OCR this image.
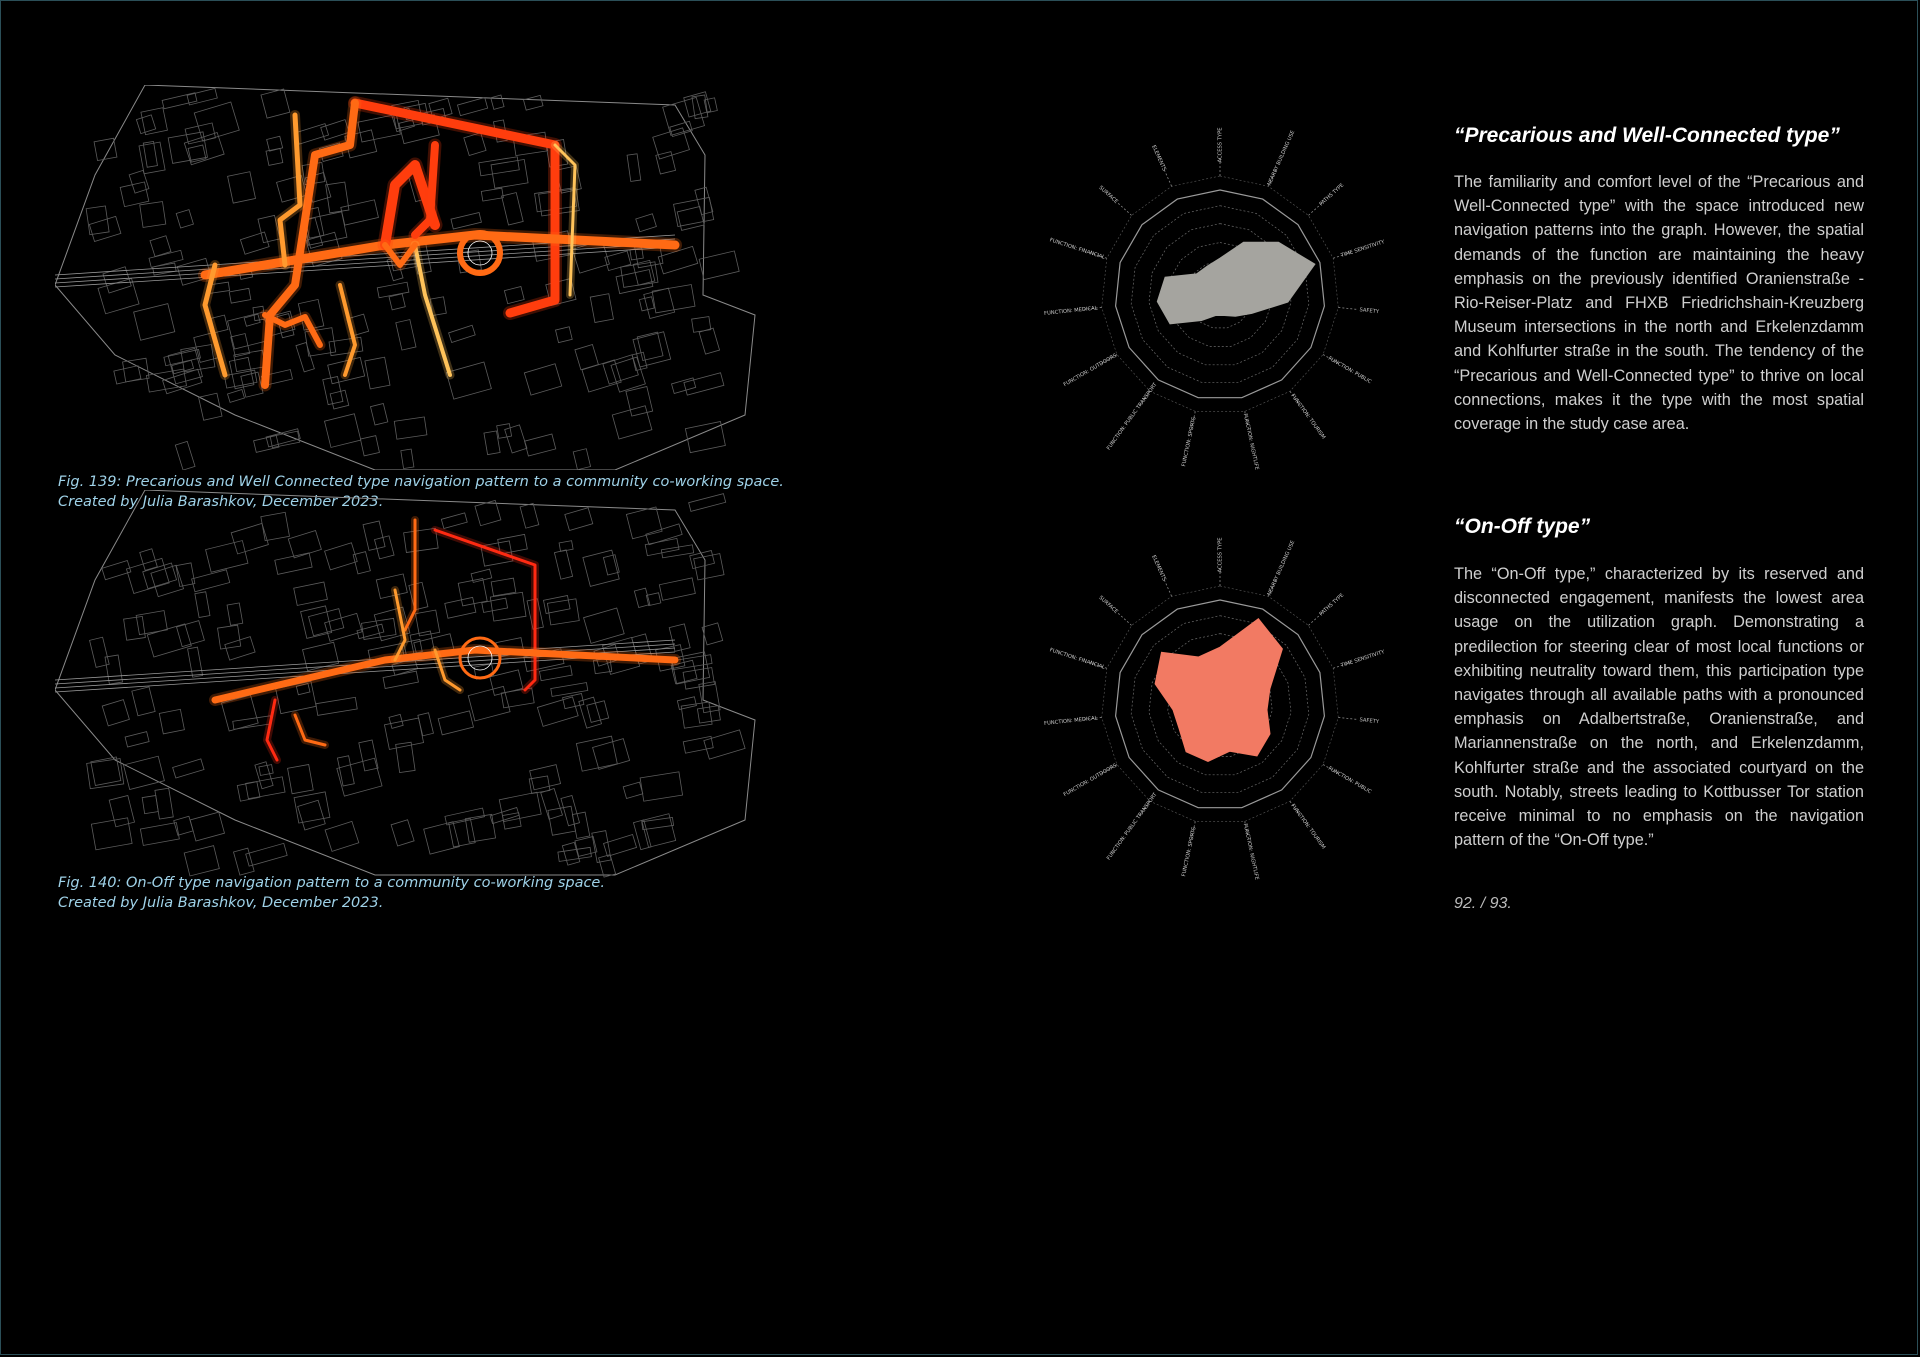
Fig. 139: Precarious and Well Connected type navigation pattern to a community co-working space.
Created by Julia Barashkov, December 2023.
Fig. 140: On-Off type navigation pattern to a community co-working space.
Created by Julia Barashkov, December 2023.
ACCESS TYPE	NEARBY BUILDING USE
PATHS TYPE
TIME SENSITIVITY
SAFETY
FUNCTION: PUBLIC
FUNCTION: TOURISM
FUNCTION: NIGHTLIFE
FUNCTION: SPORTS
FUNCTION: PUBLIC TRANSPORT
FUNCTION: OUTDOORS
FUNCTION: MEDICAL
FUNCTION: FINANCIAL
SURFACE
ELEMENTS
ACCESS TYPE	NEARBY BUILDING USE
PATHS TYPE
TIME SENSITIVITY
SAFETY
FUNCTION: PUBLIC
FUNCTION: TOURISM
FUNCTION: NIGHTLIFE
FUNCTION: SPORTS
FUNCTION: PUBLIC TRANSPORT
FUNCTION: OUTDOORS
FUNCTION: MEDICAL
FUNCTION: FINANCIAL
SURFACE
ELEMENTS
“Precarious and Well-Connected type”

The familiarity and comfort level of the “Precarious and Well-Connected type” with the space introduced new navigation patterns into the graph. However, the spatial demands of the function are maintaining the heavy emphasis on the previously identified Oranienstraße - Rio-Reiser-Platz and FHXB Friedrichshain-Kreuzberg Museum intersections in the north and Erkelenzdamm and Kohlfurter straße in the south. The tendency of the “Precarious and Well-Connected type” to thrive on local connections, makes it the type with the most spatial coverage in the study case area.

“On-Off type”

The “On-Off type,” characterized by its reserved and disconnected engagement, manifests the lowest area usage on the utilization graph. Demonstrating a predilection for steering clear of most local functions or exhibiting neutrality toward them, this participation type navigates through all available paths with a pronounced emphasis on Adalbertstraße, Oranienstraße, and Mariannenstraße on the north, and Erkelenzdamm, Kohlfurter straße and the associated courtyard on the south. Notably, streets leading to Kottbusser Tor station receive minimal to no emphasis on the navigation pattern of the “On-Off type.”

92. / 93.
